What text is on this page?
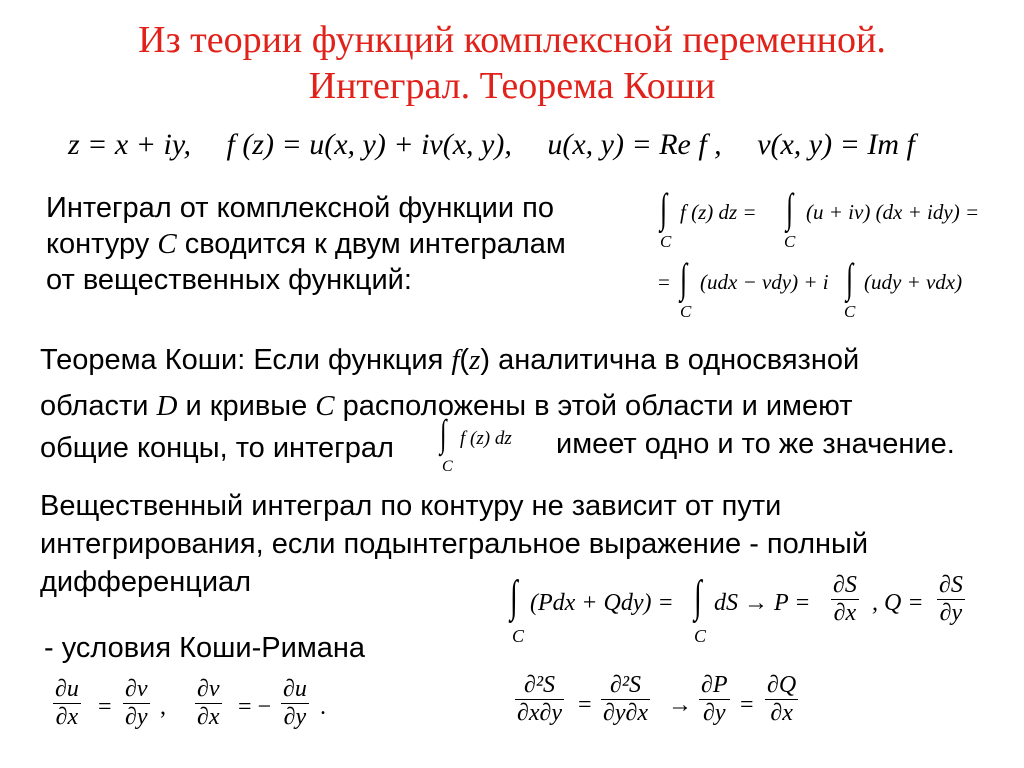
Из теории функций комплексной переменной.
Интеграл. Теорема Коши
z = x + iy, f (z) = u(x, y) + iv(x, y), u(x, y) = Re f , v(x, y) = Im f
Интеграл от комплексной функции по
контуру C сводится к двум интегралам
от вещественных функций:
∫
C
f (z) dz = ∫
C
(u + iv) (dx + idy) =
= ∫
C
(udx − vdy) + i ∫
C
(udy + vdx)
Теорема Коши: Если функция f(z) аналитична в односвязной
области D и кривые C расположены в этой области и имеют
общие концы, то интеграл	∫
C
f (z) dz имеет одно и то же значение.
Вещественный интеграл по контуру не зависит от пути
интегрирования, если подынтегральное выражение - полный
дифференциал	∫
C
(Pdx + Qdy) = ∫
C
dS → $P = \frac{\partial S}{\partial x}$ , $Q = \frac{\partial S}{\partial y}$
- условия Коши-Римана
$\frac{\partial u}{\partial x} = \frac{\partial v}{\partial y}$ , $\frac{\partial v}{\partial x}$ = − $\frac{\partial u}{\partial y}$ .	$\frac{\text{∂²S}}{\partial x\partial y} = \frac{\text{∂²S}}{\partial y\partial x} \to \frac{\partial P}{\partial y} = \frac{\partial Q}{\partial x}$
